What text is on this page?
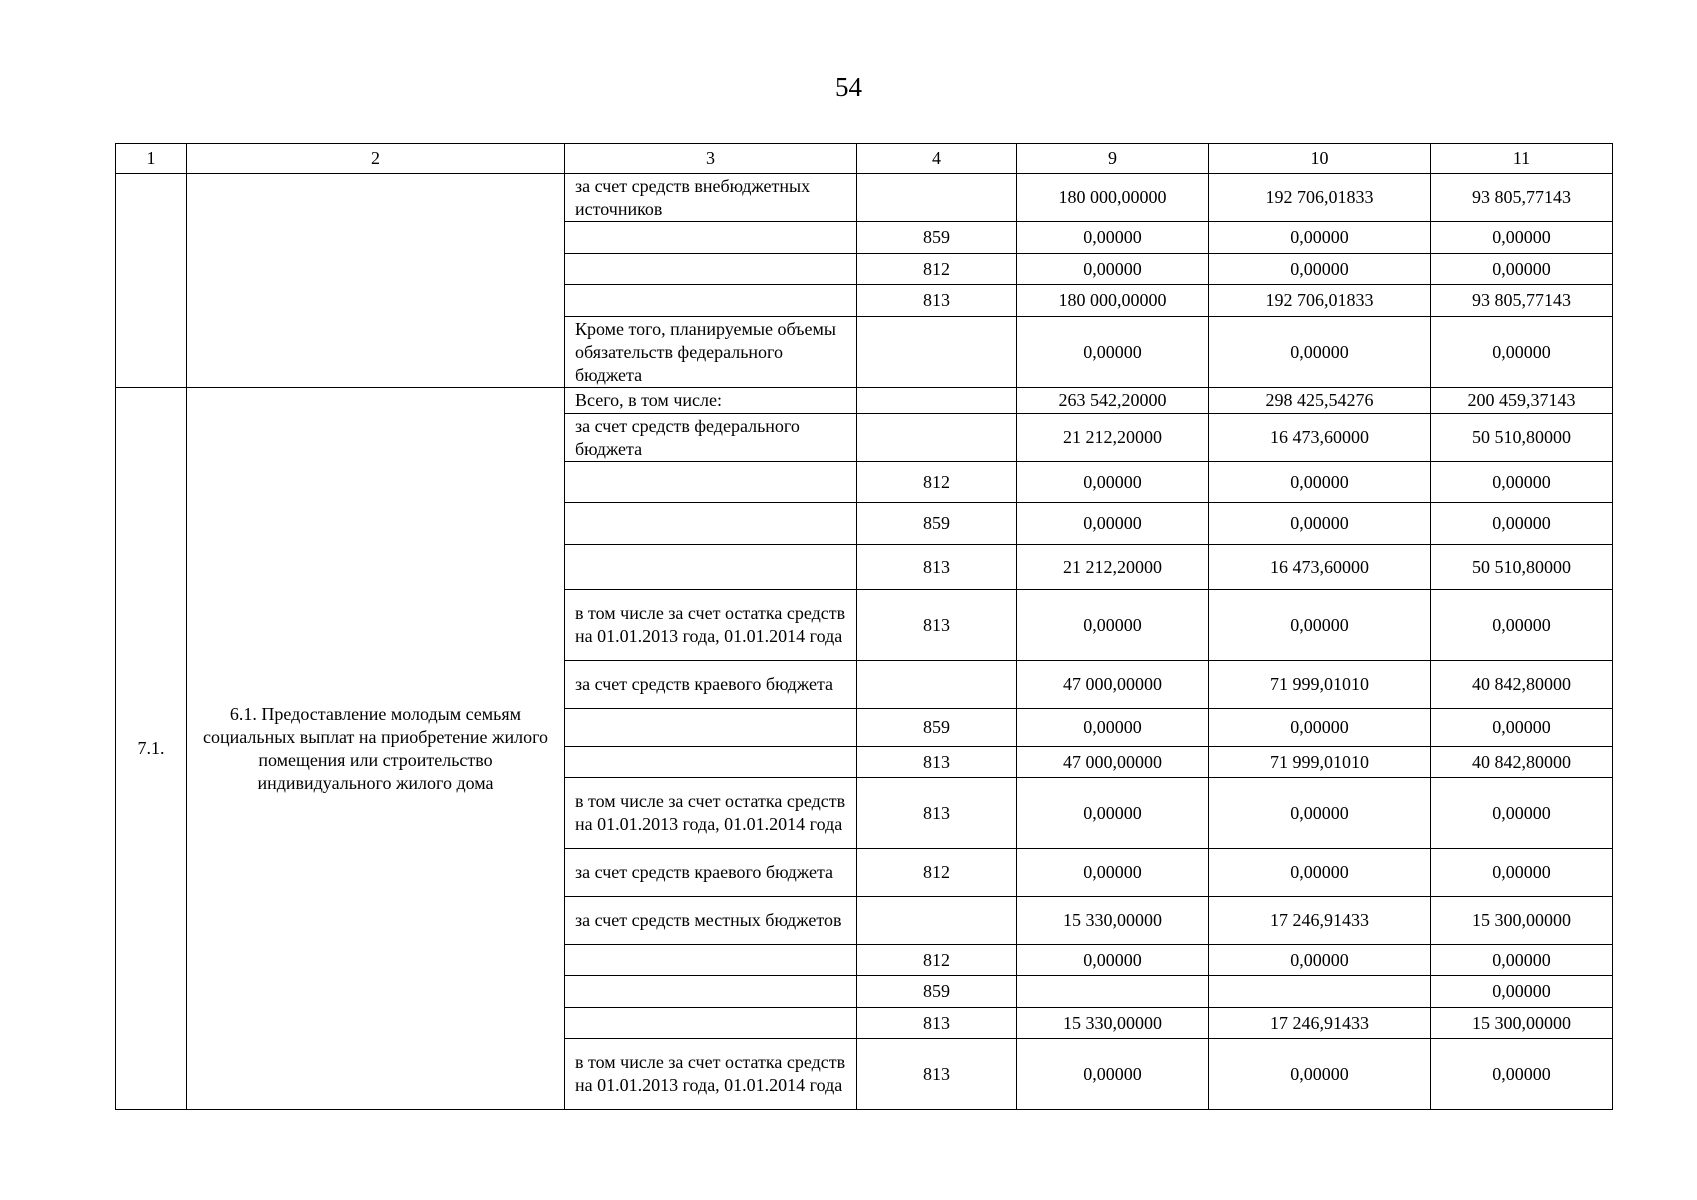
54
1	2	3	4	9	10	11
		за счет средств внебюджетных источников		180 000,00000	192 706,01833	93 805,77143
			859	0,00000	0,00000	0,00000
			812	0,00000	0,00000	0,00000
			813	180 000,00000	192 706,01833	93 805,77143
		Кроме того, планируемые объемы обязательств федерального бюджета		0,00000	0,00000	0,00000
7.1.	6.1. Предоставление молодым семьям социальных выплат на приобретение жилого помещения или строительство индивидуального жилого дома	Всего, в том числе:		263 542,20000	298 425,54276	200 459,37143
		за счет средств федерального бюджета		21 212,20000	16 473,60000	50 510,80000
			812	0,00000	0,00000	0,00000
			859	0,00000	0,00000	0,00000
			813	21 212,20000	16 473,60000	50 510,80000
		в том числе за счет остатка средств на 01.01.2013 года, 01.01.2014 года	813	0,00000	0,00000	0,00000
		за счет средств краевого бюджета		47 000,00000	71 999,01010	40 842,80000
			859	0,00000	0,00000	0,00000
			813	47 000,00000	71 999,01010	40 842,80000
		в том числе за счет остатка средств на 01.01.2013 года, 01.01.2014 года	813	0,00000	0,00000	0,00000
		за счет средств краевого бюджета	812	0,00000	0,00000	0,00000
		за счет средств местных бюджетов		15 330,00000	17 246,91433	15 300,00000
			812	0,00000	0,00000	0,00000
			859			0,00000
			813	15 330,00000	17 246,91433	15 300,00000
		в том числе за счет остатка средств на 01.01.2013 года, 01.01.2014 года	813	0,00000	0,00000	0,00000
